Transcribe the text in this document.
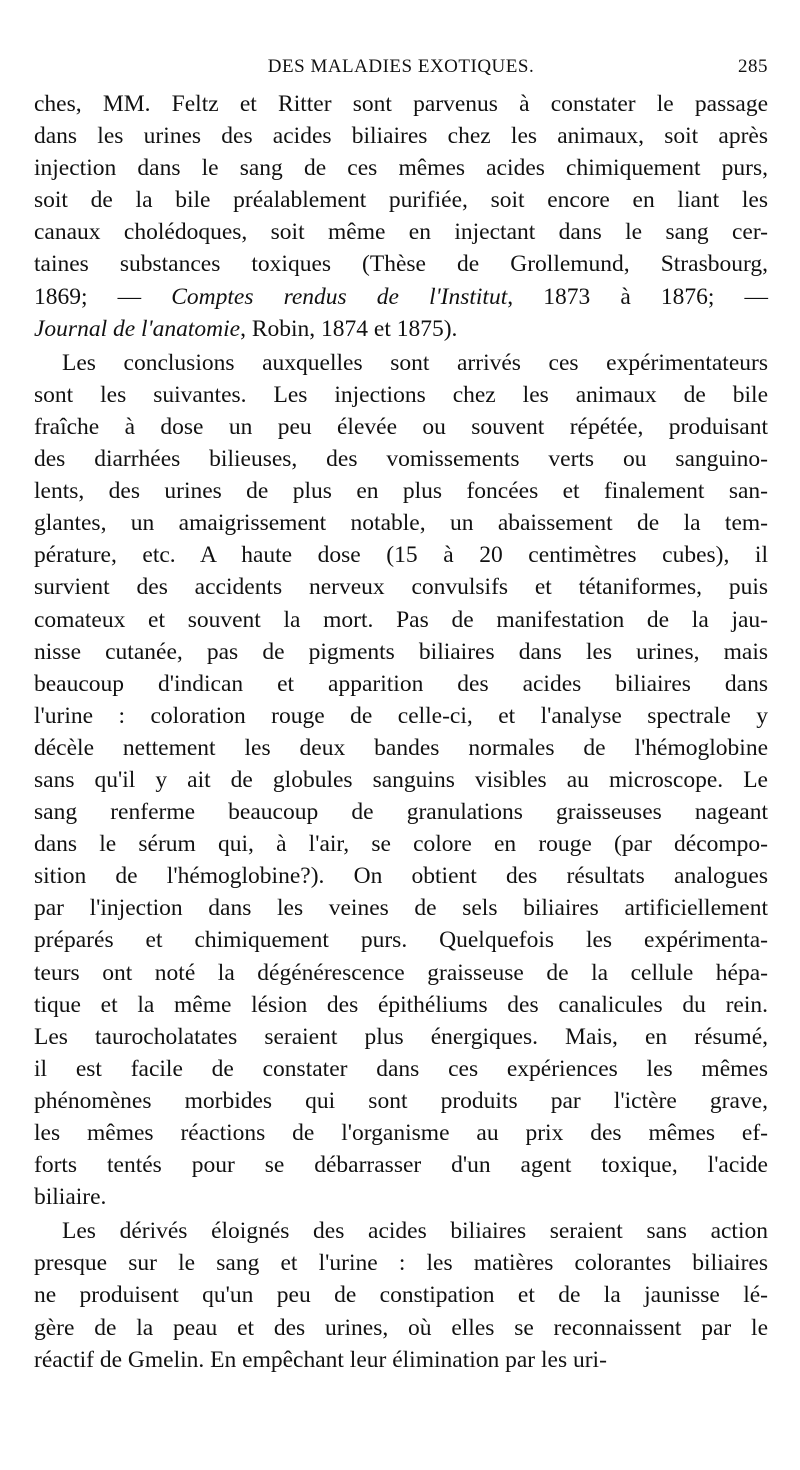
DES MALADIES EXOTIQUES.	285

ches, MM. Feltz et Ritter sont parvenus à constater le passage

dans les urines des acides biliaires chez les animaux, soit après

injection dans le sang de ces mêmes acides chimiquement purs,

soit de la bile préalablement purifiée, soit encore en liant les

canaux cholédoques, soit même en injectant dans le sang cer-

taines substances toxiques (Thèse de Grollemund, Strasbourg,

1869; — Comptes rendus de l'Institut, 1873 à 1876; —

Journal de l'anatomie, Robin, 1874 et 1875).

Les conclusions auxquelles sont arrivés ces expérimentateurs

sont les suivantes. Les injections chez les animaux de bile

fraîche à dose un peu élevée ou souvent répétée, produisant

des diarrhées bilieuses, des vomissements verts ou sanguino-

lents, des urines de plus en plus foncées et finalement san-

glantes, un amaigrissement notable, un abaissement de la tem-

pérature, etc. A haute dose (15 à 20 centimètres cubes), il

survient des accidents nerveux convulsifs et tétaniformes, puis

comateux et souvent la mort. Pas de manifestation de la jau-

nisse cutanée, pas de pigments biliaires dans les urines, mais

beaucoup d'indican et apparition des acides biliaires dans

l'urine : coloration rouge de celle-ci, et l'analyse spectrale y

décèle nettement les deux bandes normales de l'hémoglobine

sans qu'il y ait de globules sanguins visibles au microscope. Le

sang renferme beaucoup de granulations graisseuses nageant

dans le sérum qui, à l'air, se colore en rouge (par décompo-

sition de l'hémoglobine?). On obtient des résultats analogues

par l'injection dans les veines de sels biliaires artificiellement

préparés et chimiquement purs. Quelquefois les expérimenta-

teurs ont noté la dégénérescence graisseuse de la cellule hépa-

tique et la même lésion des épithéliums des canalicules du rein.

Les taurocholatates seraient plus énergiques. Mais, en résumé,

il est facile de constater dans ces expériences les mêmes

phénomènes morbides qui sont produits par l'ictère grave,

les mêmes réactions de l'organisme au prix des mêmes ef-

forts tentés pour se débarrasser d'un agent toxique, l'acide

biliaire.

Les dérivés éloignés des acides biliaires seraient sans action

presque sur le sang et l'urine : les matières colorantes biliaires

ne produisent qu'un peu de constipation et de la jaunisse lé-

gère de la peau et des urines, où elles se reconnaissent par le

réactif de Gmelin. En empêchant leur élimination par les uri-
